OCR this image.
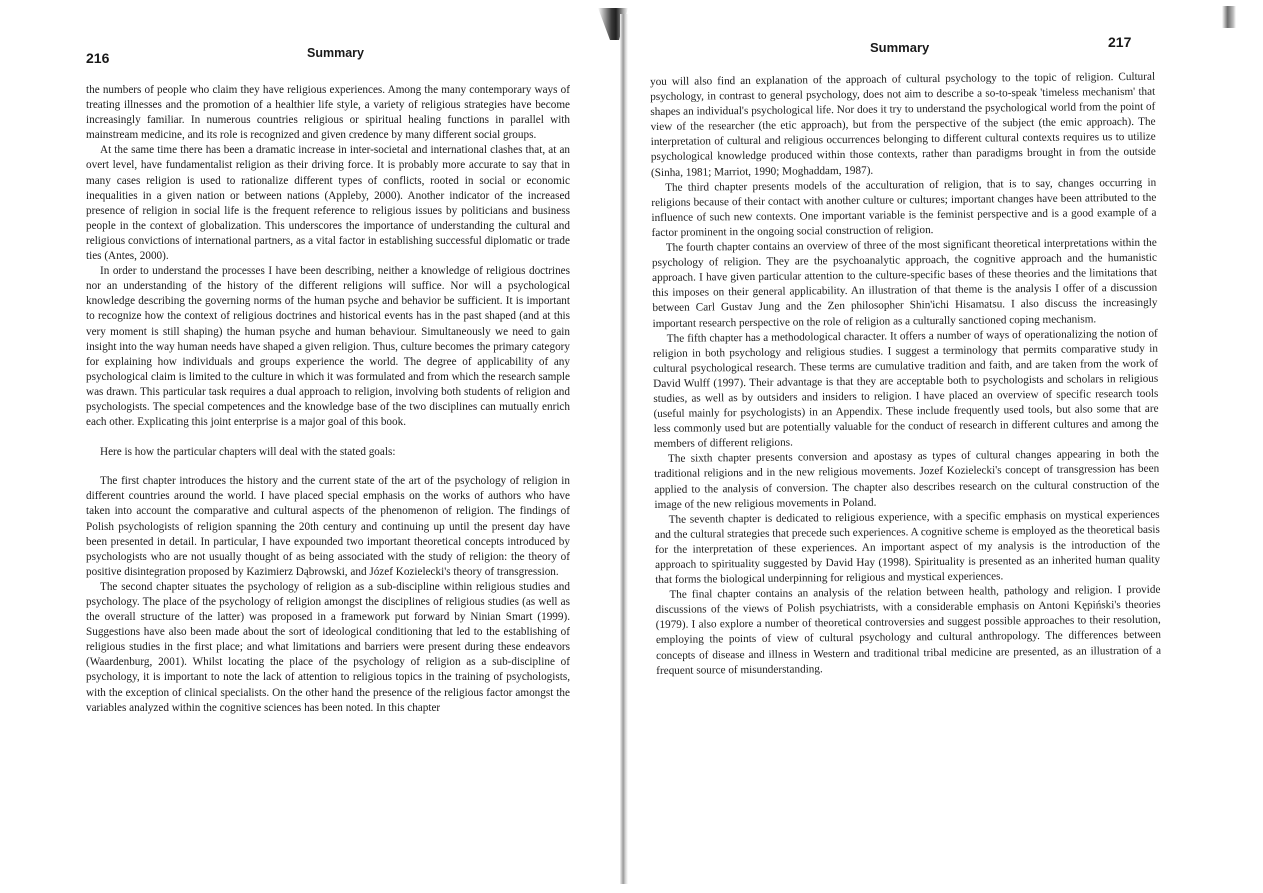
216	Summary

the numbers of people who claim they have religious experiences. Among the many contemporary ways of treating illnesses and the promotion of a healthier life style, a variety of religious strategies have become increasingly familiar. In numerous countries religious or spiritual healing functions in parallel with mainstream medicine, and its role is recognized and given credence by many different social groups.

At the same time there has been a dramatic increase in inter-societal and international clashes that, at an overt level, have fundamentalist religion as their driving force. It is probably more accurate to say that in many cases religion is used to rationalize different types of conflicts, rooted in social or economic inequalities in a given nation or between nations (Appleby, 2000). Another indicator of the increased presence of religion in social life is the frequent reference to religious issues by politicians and business people in the context of globalization. This underscores the importance of understanding the cultural and religious convictions of international partners, as a vital factor in establishing successful diplomatic or trade ties (Antes, 2000).

In order to understand the processes I have been describing, neither a knowledge of religious doctrines nor an understanding of the history of the different religions will suffice. Nor will a psychological knowledge describing the governing norms of the human psyche and behavior be sufficient. It is important to recognize how the context of religious doctrines and historical events has in the past shaped (and at this very moment is still shaping) the human psyche and human behaviour. Simultaneously we need to gain insight into the way human needs have shaped a given religion. Thus, culture becomes the primary category for explaining how individuals and groups experience the world. The degree of applicability of any psychological claim is limited to the culture in which it was formulated and from which the research sample was drawn. This particular task requires a dual approach to religion, involving both students of religion and psychologists. The special competences and the knowledge base of the two disciplines can mutually enrich each other. Explicating this joint enterprise is a major goal of this book.

Here is how the particular chapters will deal with the stated goals:

The first chapter introduces the history and the current state of the art of the psychology of religion in different countries around the world. I have placed special emphasis on the works of authors who have taken into account the comparative and cultural aspects of the phenomenon of religion. The findings of Polish psychologists of religion spanning the 20th century and continuing up until the present day have been presented in detail. In particular, I have expounded two important theoretical concepts introduced by psychologists who are not usually thought of as being associated with the study of religion: the theory of positive disintegration proposed by Kazimierz Dąbrowski, and Józef Kozielecki's theory of transgression.

The second chapter situates the psychology of religion as a sub-discipline within religious studies and psychology. The place of the psychology of religion amongst the disciplines of religious studies (as well as the overall structure of the latter) was proposed in a framework put forward by Ninian Smart (1999). Suggestions have also been made about the sort of ideological conditioning that led to the establishing of religious studies in the first place; and what limitations and barriers were present during these endeavors (Waardenburg, 2001). Whilst locating the place of the psychology of religion as a sub-discipline of psychology, it is important to note the lack of attention to religious topics in the training of psychologists, with the exception of clinical specialists. On the other hand the presence of the religious factor amongst the variables analyzed within the cognitive sciences has been noted. In this chapter

Summary	217

you will also find an explanation of the approach of cultural psychology to the topic of religion. Cultural psychology, in contrast to general psychology, does not aim to describe a so-to-speak 'timeless mechanism' that shapes an individual's psychological life. Nor does it try to understand the psychological world from the point of view of the researcher (the etic approach), but from the perspective of the subject (the emic approach). The interpretation of cultural and religious occurrences belonging to different cultural contexts requires us to utilize psychological knowledge produced within those contexts, rather than paradigms brought in from the outside (Sinha, 1981; Marriot, 1990; Moghaddam, 1987).

The third chapter presents models of the acculturation of religion, that is to say, changes occurring in religions because of their contact with another culture or cultures; important changes have been attributed to the influence of such new contexts. One important variable is the feminist perspective and is a good example of a factor prominent in the ongoing social construction of religion.

The fourth chapter contains an overview of three of the most significant theoretical interpretations within the psychology of religion. They are the psychoanalytic approach, the cognitive approach and the humanistic approach. I have given particular attention to the culture-specific bases of these theories and the limitations that this imposes on their general applicability. An illustration of that theme is the analysis I offer of a discussion between Carl Gustav Jung and the Zen philosopher Shin'ichi Hisamatsu. I also discuss the increasingly important research perspective on the role of religion as a culturally sanctioned coping mechanism.

The fifth chapter has a methodological character. It offers a number of ways of operationalizing the notion of religion in both psychology and religious studies. I suggest a terminology that permits comparative study in cultural psychological research. These terms are cumulative tradition and faith, and are taken from the work of David Wulff (1997). Their advantage is that they are acceptable both to psychologists and scholars in religious studies, as well as by outsiders and insiders to religion. I have placed an overview of specific research tools (useful mainly for psychologists) in an Appendix. These include frequently used tools, but also some that are less commonly used but are potentially valuable for the conduct of research in different cultures and among the members of different religions.

The sixth chapter presents conversion and apostasy as types of cultural changes appearing in both the traditional religions and in the new religious movements. Jozef Kozielecki's concept of transgression has been applied to the analysis of conversion. The chapter also describes research on the cultural construction of the image of the new religious movements in Poland.

The seventh chapter is dedicated to religious experience, with a specific emphasis on mystical experiences and the cultural strategies that precede such experiences. A cognitive scheme is employed as the theoretical basis for the interpretation of these experiences. An important aspect of my analysis is the introduction of the approach to spirituality suggested by David Hay (1998). Spirituality is presented as an inherited human quality that forms the biological underpinning for religious and mystical experiences.

The final chapter contains an analysis of the relation between health, pathology and religion. I provide discussions of the views of Polish psychiatrists, with a considerable emphasis on Antoni Kępiński's theories (1979). I also explore a number of theoretical controversies and suggest possible approaches to their resolution, employing the points of view of cultural psychology and cultural anthropology. The differences between concepts of disease and illness in Western and traditional tribal medicine are presented, as an illustration of a frequent source of misunderstanding.
